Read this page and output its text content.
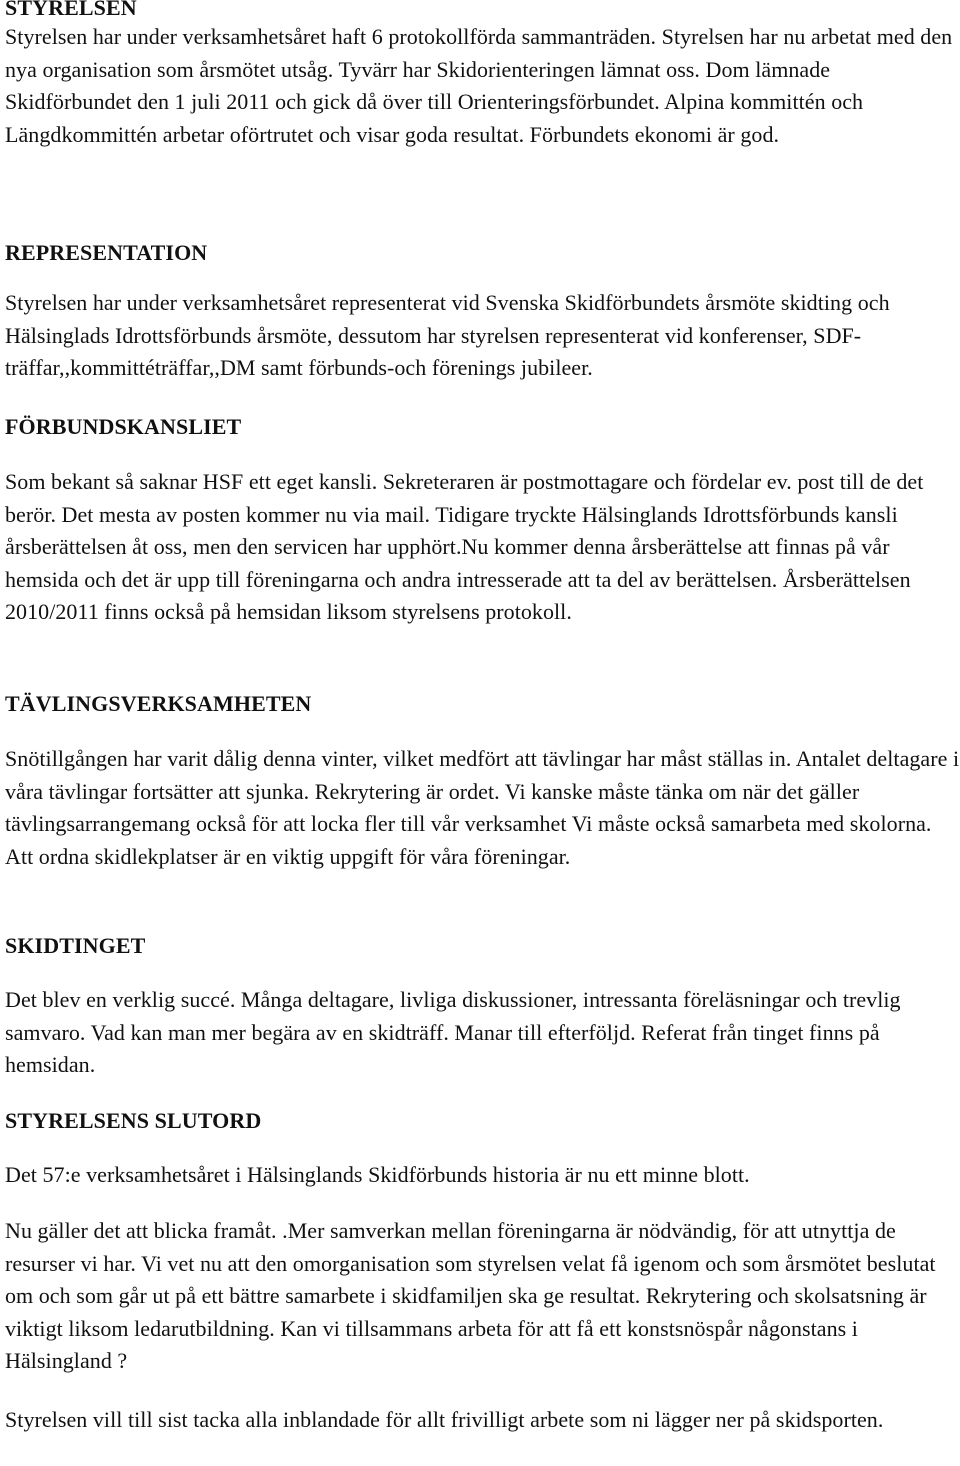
STYRELSEN

Styrelsen har under verksamhetsåret haft 6 protokollförda sammanträden. Styrelsen har nu arbetat med den nya organisation som årsmötet utsåg. Tyvärr har Skidorienteringen lämnat oss. Dom lämnade Skidförbundet den 1 juli 2011 och gick då över till Orienteringsförbundet. Alpina kommittén och Längdkommittén arbetar oförtrutet och visar goda resultat. Förbundets ekonomi är god.

REPRESENTATION

Styrelsen har under verksamhetsåret representerat vid Svenska Skidförbundets årsmöte skidting och Hälsinglads Idrottsförbunds årsmöte, dessutom har styrelsen representerat vid konferenser, SDF-träffar,,kommittéträffar,,DM samt förbunds-och förenings jubileer.

FÖRBUNDSKANSLIET

Som bekant så saknar HSF ett eget kansli. Sekreteraren är postmottagare och fördelar ev. post till de det berör. Det mesta av posten kommer nu via mail. Tidigare tryckte Hälsinglands Idrottsförbunds kansli årsberättelsen åt oss, men den servicen har upphört.Nu kommer denna årsberättelse att finnas på vår hemsida och det är upp till föreningarna och andra intresserade att ta del av berättelsen. Årsberättelsen 2010/2011 finns också på hemsidan liksom styrelsens protokoll.

TÄVLINGSVERKSAMHETEN

Snötillgången har varit dålig denna vinter, vilket medfört att tävlingar har måst ställas in. Antalet deltagare i våra tävlingar fortsätter att sjunka. Rekrytering är ordet. Vi kanske måste tänka om när det gäller tävlingsarrangemang också för att locka fler till vår verksamhet Vi måste också samarbeta med skolorna. Att ordna skidlekplatser är en viktig uppgift för våra föreningar.

SKIDTINGET

Det blev en verklig succé. Många deltagare, livliga diskussioner, intressanta föreläsningar och trevlig samvaro. Vad kan man mer begära av en skidträff. Manar till efterföljd. Referat från tinget finns på hemsidan.

STYRELSENS SLUTORD

Det 57:e verksamhetsåret i Hälsinglands Skidförbunds historia är nu ett minne blott.

Nu gäller det att blicka framåt. .Mer samverkan mellan föreningarna är nödvändig, för att utnyttja de resurser vi har. Vi vet nu att den omorganisation som styrelsen velat få igenom och som årsmötet beslutat om och som går ut på ett bättre samarbete i skidfamiljen ska ge resultat. Rekrytering och skolsatsning är viktigt liksom ledarutbildning. Kan vi tillsammans arbeta för att få ett konstsnöspår någonstans i Hälsingland ?

Styrelsen vill till sist tacka alla inblandade för allt frivilligt arbete som ni lägger ner på skidsporten.
